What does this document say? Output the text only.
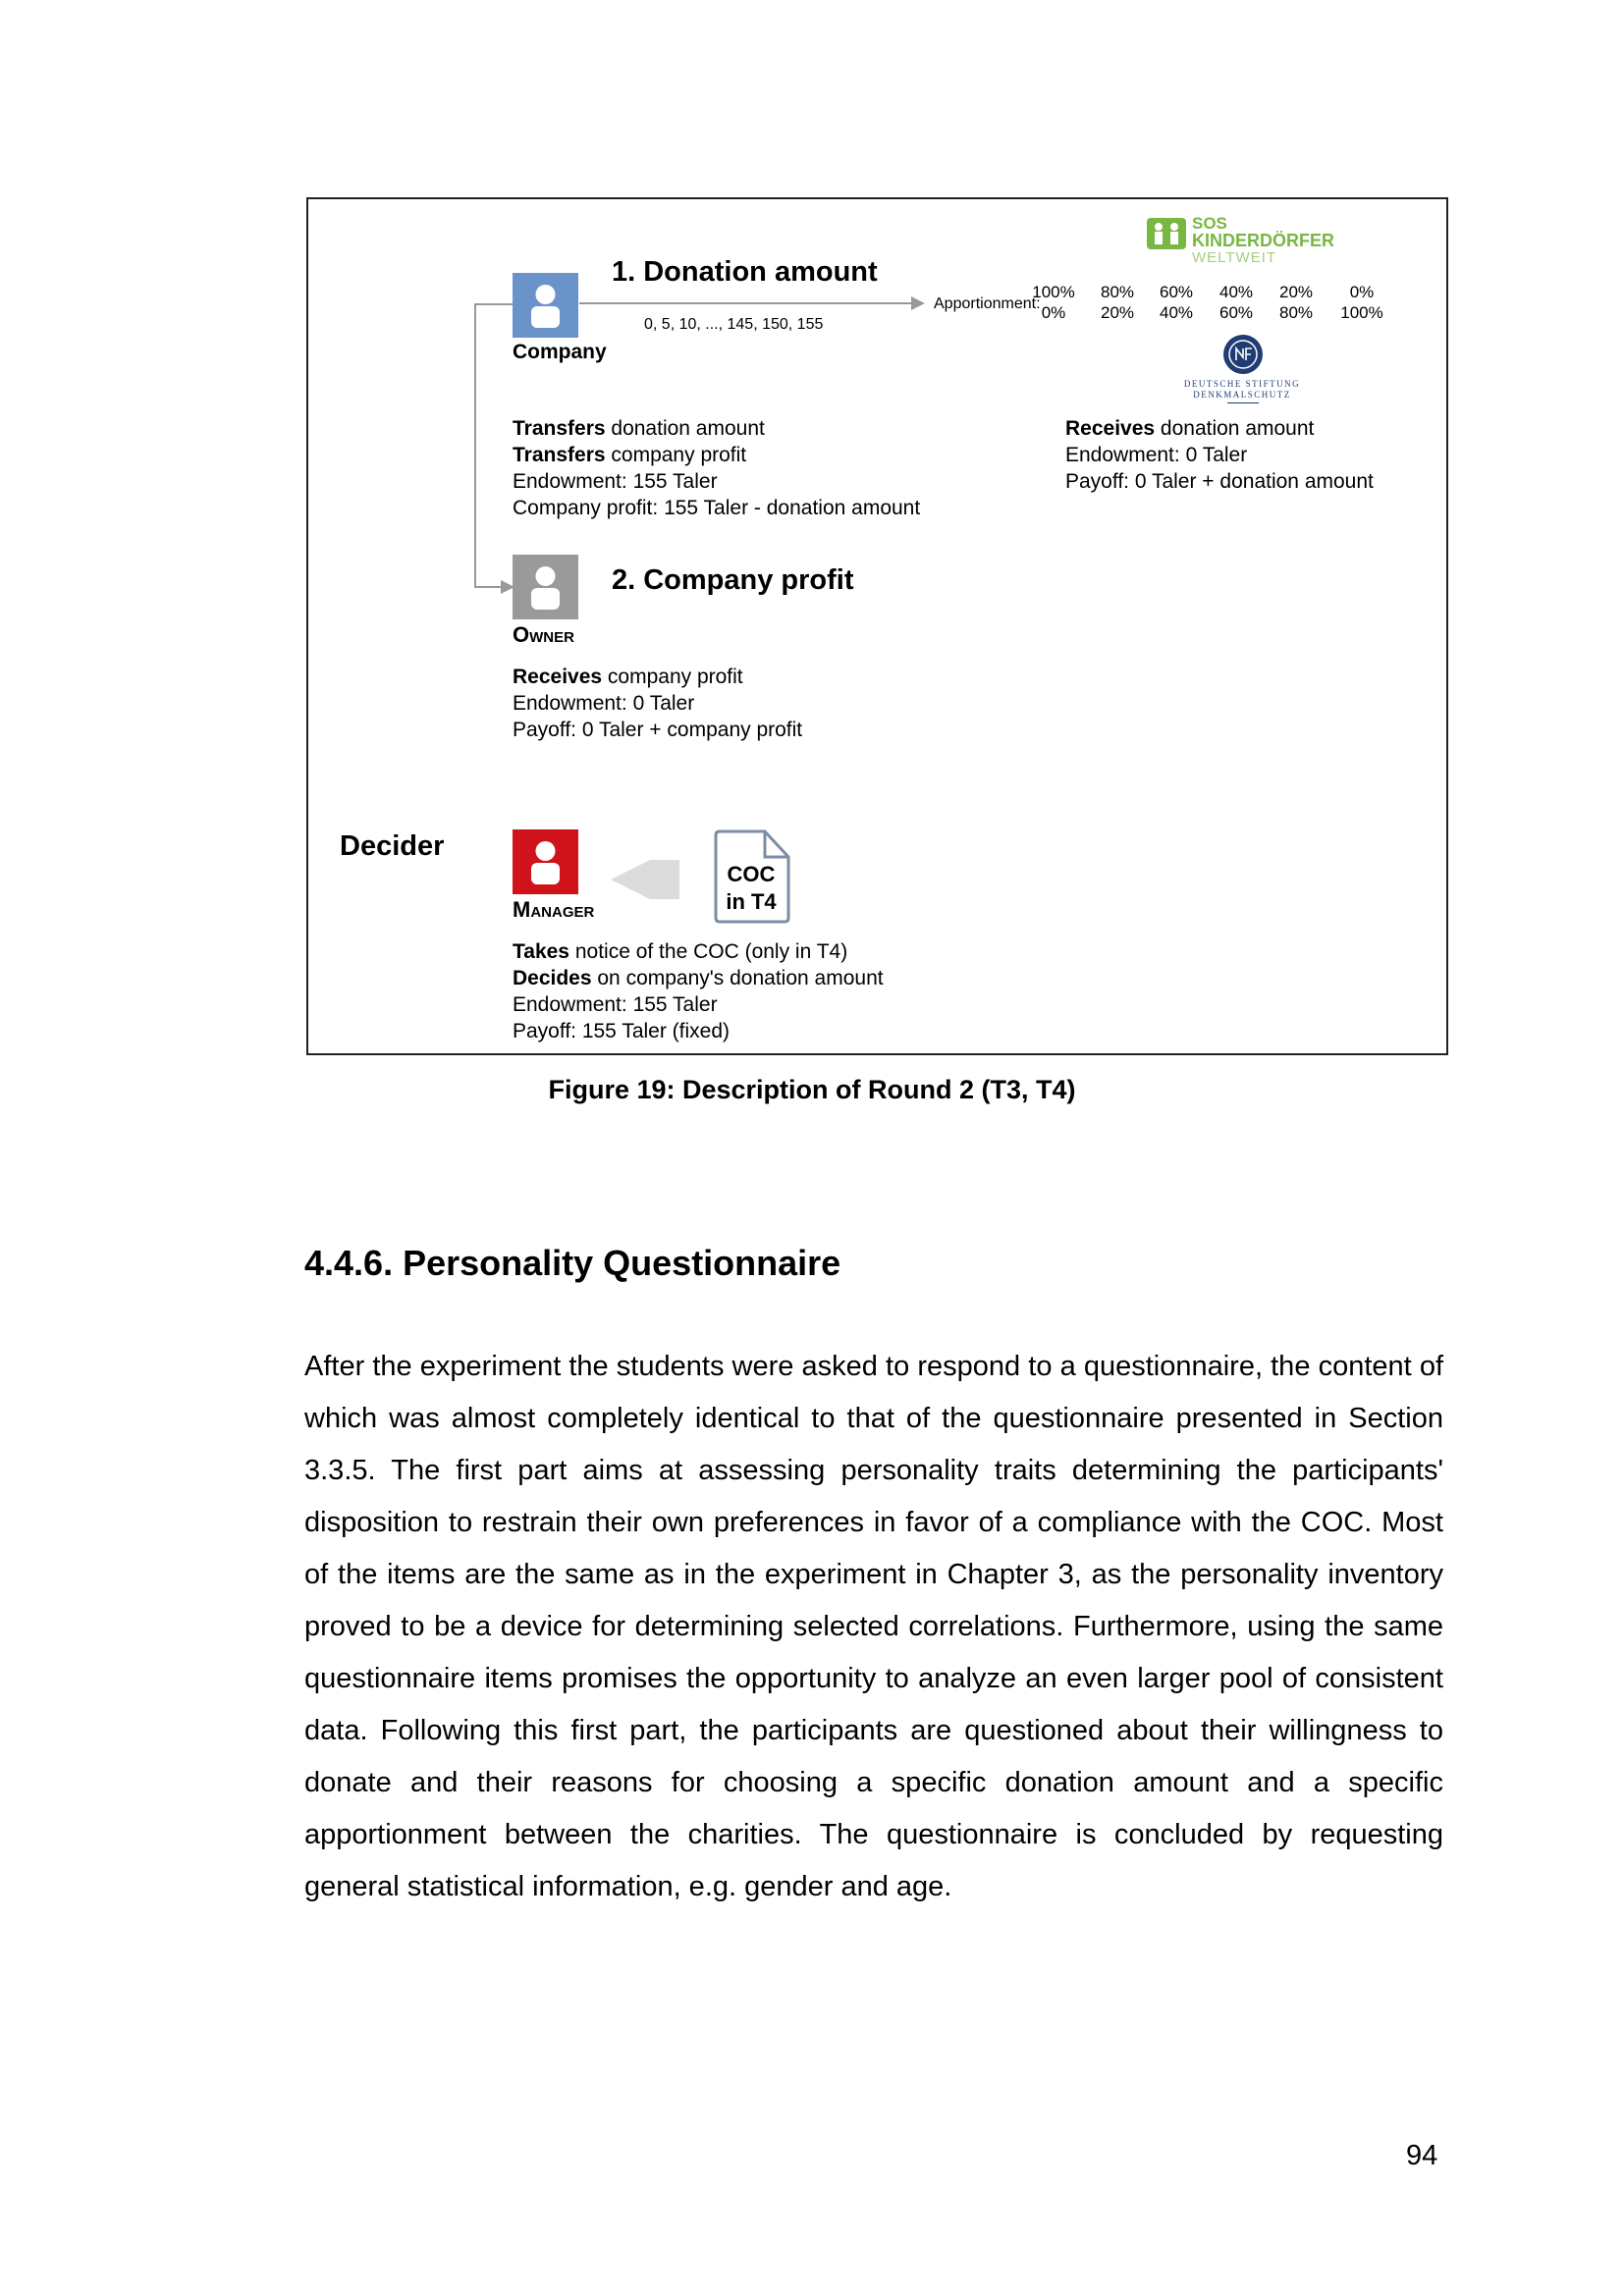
1. Donation amount
0, 5, 10, ..., 145, 150, 155
Company
Apportionment:
100%
0%
80%
20%
60%
40%
40%
60%
20%
80%
0%
100%
SOS
KINDERDÖRFER
WELTWEIT
DEUTSCHE STIFTUNG
DENKMALSCHUTZ
Transfers donation amount
Transfers company profit
Endowment: 155 Taler
Company profit: 155 Taler - donation amount
Receives donation amount
Endowment: 0 Taler
Payoff: 0 Taler + donation amount
2. Company profit
Owner
Receives company profit
Endowment: 0 Taler
Payoff: 0 Taler + company profit
Decider
Manager
COC
in T4
Takes notice of the COC (only in T4)
Decides on company's donation amount
Endowment: 155 Taler
Payoff: 155 Taler (fixed)
Figure 19: Description of Round 2 (T3, T4)
4.4.6. Personality Questionnaire
After the experiment the students were asked to respond to a questionnaire, the content of which was almost completely identical to that of the questionnaire presented in Section 3.3.5. The first part aims at assessing personality traits determining the participants' disposition to restrain their own preferences in favor of a compliance with the COC. Most of the items are the same as in the experiment in Chapter 3, as the personality inventory proved to be a device for determining selected correlations. Furthermore, using the same questionnaire items promises the opportunity to analyze an even larger pool of consistent data. Following this first part, the participants are questioned about their willingness to donate and their reasons for choosing a specific donation amount and a specific apportionment between the charities. The questionnaire is concluded by requesting general statistical information, e.g. gender and age.
94
